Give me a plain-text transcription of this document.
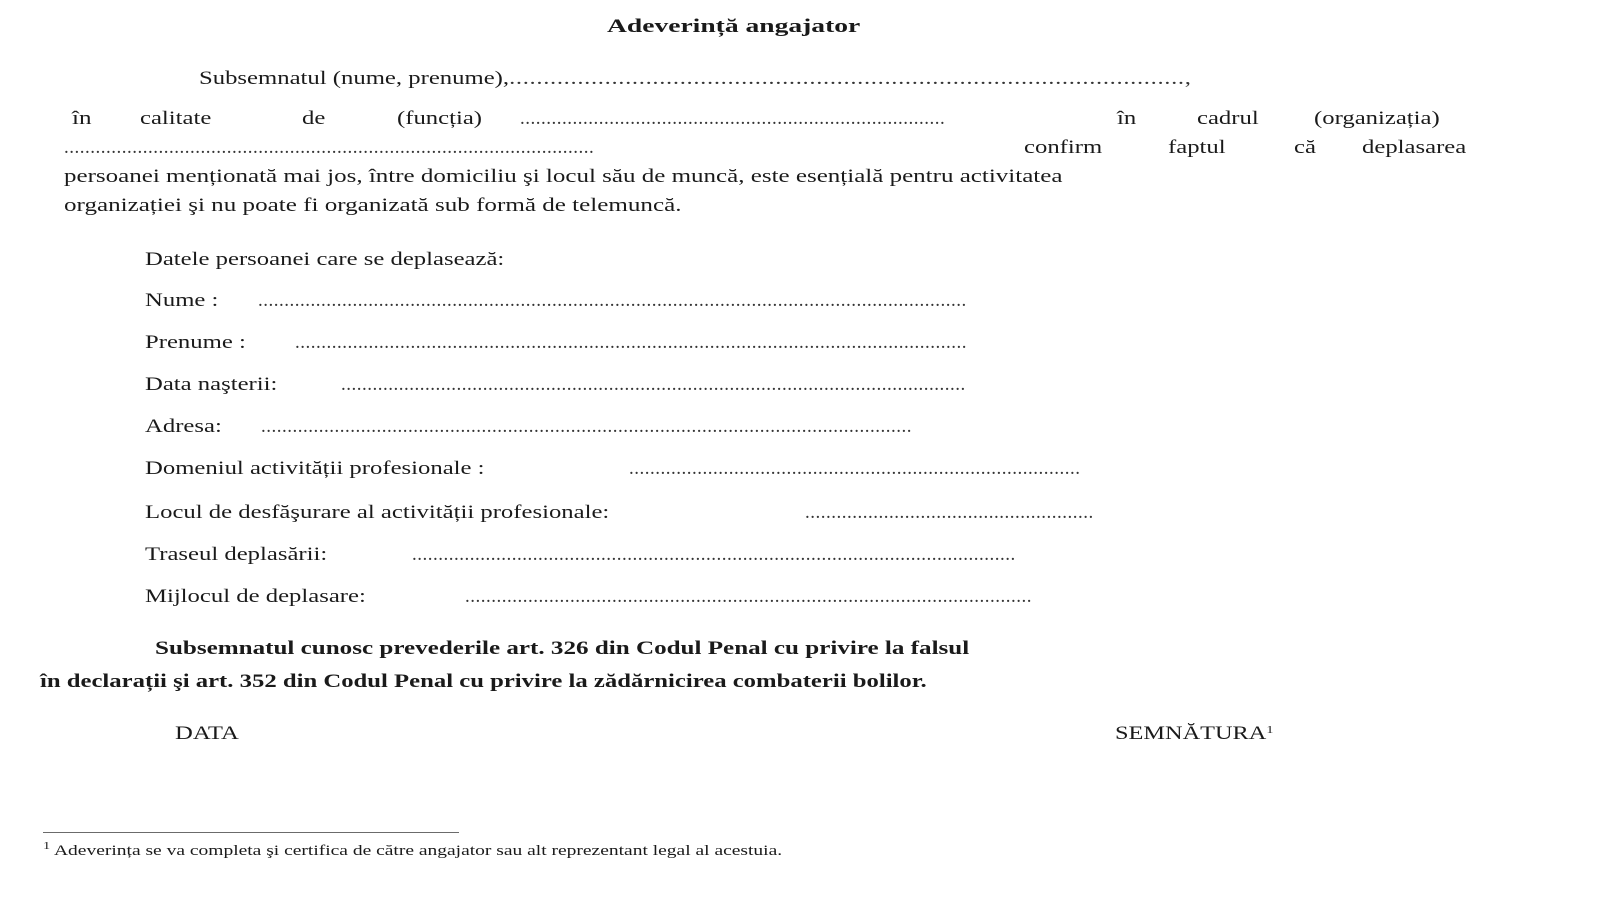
Adeverință angajator
Subsemnatul (nume, prenume),...................................................................................................,
în	calitate	de	(funcția) .................................................................................	în	cadrul	(organizația)
.....................................................................................................	confirm	faptul	că deplasarea
persoanei menționată mai jos, între domiciliu şi locul său de muncă, este esențială pentru activitatea
organizației şi nu poate fi organizată sub formă de telemuncă.
Datele persoanei care se deplasează:
Nume : .......................................................................................................................................
Prenume :	................................................................................................................................
Data naşterii:	.......................................................................................................................
Adresa: ............................................................................................................................
Domeniul activității profesionale :	......................................................................................
Locul de desfăşurare al activității profesionale:	.......................................................
Traseul deplasării:	...................................................................................................................
Mijlocul de deplasare:	............................................................................................................
Subsemnatul cunosc prevederile art. 326 din Codul Penal cu privire la falsul
în declarații şi art. 352 din Codul Penal cu privire la zădărnicirea combaterii bolilor.
DATA	SEMNĂTURA$^1$
$^1$ Adeverința se va completa şi certifica de către angajator sau alt reprezentant legal al acestuia.
